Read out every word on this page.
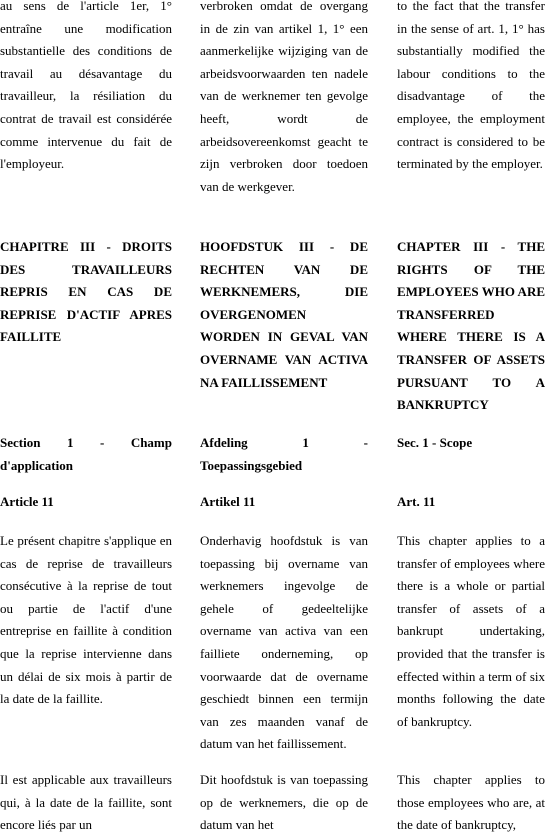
au sens de l'article 1er, 1° entraîne une modification substantielle des conditions de travail au désavantage du travailleur, la résiliation du contrat de travail est considérée comme intervenue du fait de l'employeur.

CHAPITRE III - DROITS DES TRAVAILLEURS REPRIS EN CAS DE REPRISE D'ACTIF APRES FAILLITE

Section 1 - Champ d'application

Article 11

Le présent chapitre s'applique en cas de reprise de travailleurs consécutive à la reprise de tout ou partie de l'actif d'une entreprise en faillite à condition que la reprise intervienne dans un délai de six mois à partir de la date de la faillite.

Il est applicable aux travailleurs qui, à la date de la faillite, sont encore liés par un

verbroken omdat de overgang in de zin van artikel 1, 1° een aanmerkelijke wijziging van de arbeidsvoorwaarden ten nadele van de werknemer ten gevolge heeft, wordt de arbeidsovereenkomst geacht te zijn verbroken door toedoen van de werkgever.

HOOFDSTUK III - DE RECHTEN VAN DE WERKNEMERS, DIE OVERGENOMEN WORDEN IN GEVAL VAN OVERNAME VAN ACTIVA NA FAILLISSEMENT

Afdeling 1 - Toepassingsgebied

Artikel 11

Onderhavig hoofdstuk is van toepassing bij overname van werknemers ingevolge de gehele of gedeeltelijke overname van activa van een failliete onderneming, op voorwaarde dat de overname geschiedt binnen een termijn van zes maanden vanaf de datum van het faillissement.

Dit hoofdstuk is van toepassing op de werknemers, die op de datum van het

to the fact that the transfer in the sense of art. 1, 1° has substantially modified the labour conditions to the disadvantage of the employee, the employment contract is considered to be terminated by the employer.

CHAPTER III - THE RIGHTS OF THE EMPLOYEES WHO ARE TRANSFERRED WHERE THERE IS A TRANSFER OF ASSETS PURSUANT TO A BANKRUPTCY

Sec. 1 - Scope

Art. 11

This chapter applies to a transfer of employees where there is a whole or partial transfer of assets of a bankrupt undertaking, provided that the transfer is effected within a term of six months following the date of bankruptcy.

This chapter applies to those employees who are, at the date of bankruptcy,
